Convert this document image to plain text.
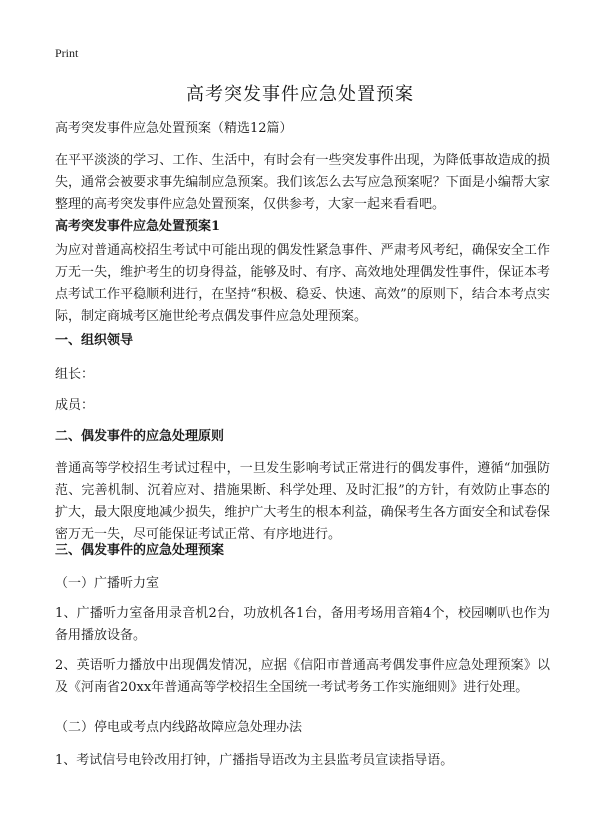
Print
高考突发事件应急处置预案
高考突发事件应急处置预案（精选12篇）
在平平淡淡的学习、工作、生活中，有时会有一些突发事件出现，为降低事故造成的损失，通常会被要求事先编制应急预案。我们该怎么去写应急预案呢？下面是小编帮大家整理的高考突发事件应急处置预案，仅供参考，大家一起来看看吧。
高考突发事件应急处置预案1
为应对普通高校招生考试中可能出现的偶发性紧急事件、严肃考风考纪，确保安全工作万无一失，维护考生的切身得益，能够及时、有序、高效地处理偶发性事件，保证本考点考试工作平稳顺利进行，在坚持“积极、稳妥、快速、高效”的原则下，结合本考点实际，制定商城考区施世纶考点偶发事件应急处理预案。
一、组织领导
组长：
成员：
二、偶发事件的应急处理原则
普通高等学校招生考试过程中，一旦发生影响考试正常进行的偶发事件，遵循“加强防范、完善机制、沉着应对、措施果断、科学处理、及时汇报”的方针，有效防止事态的扩大，最大限度地减少损失，维护广大考生的根本利益，确保考生各方面安全和试卷保密万无一失，尽可能保证考试正常、有序地进行。
三、偶发事件的应急处理预案
（一）广播听力室
1、广播听力室备用录音机2台，功放机各1台，备用考场用音箱4个，校园喇叭也作为备用播放设备。
2、英语听力播放中出现偶发情况，应据《信阳市普通高考偶发事件应急处理预案》以及《河南省20xx年普通高等学校招生全国统一考试考务工作实施细则》进行处理。
（二）停电或考点内线路故障应急处理办法
1、考试信号电铃改用打钟，广播指导语改为主县监考员宣读指导语。
